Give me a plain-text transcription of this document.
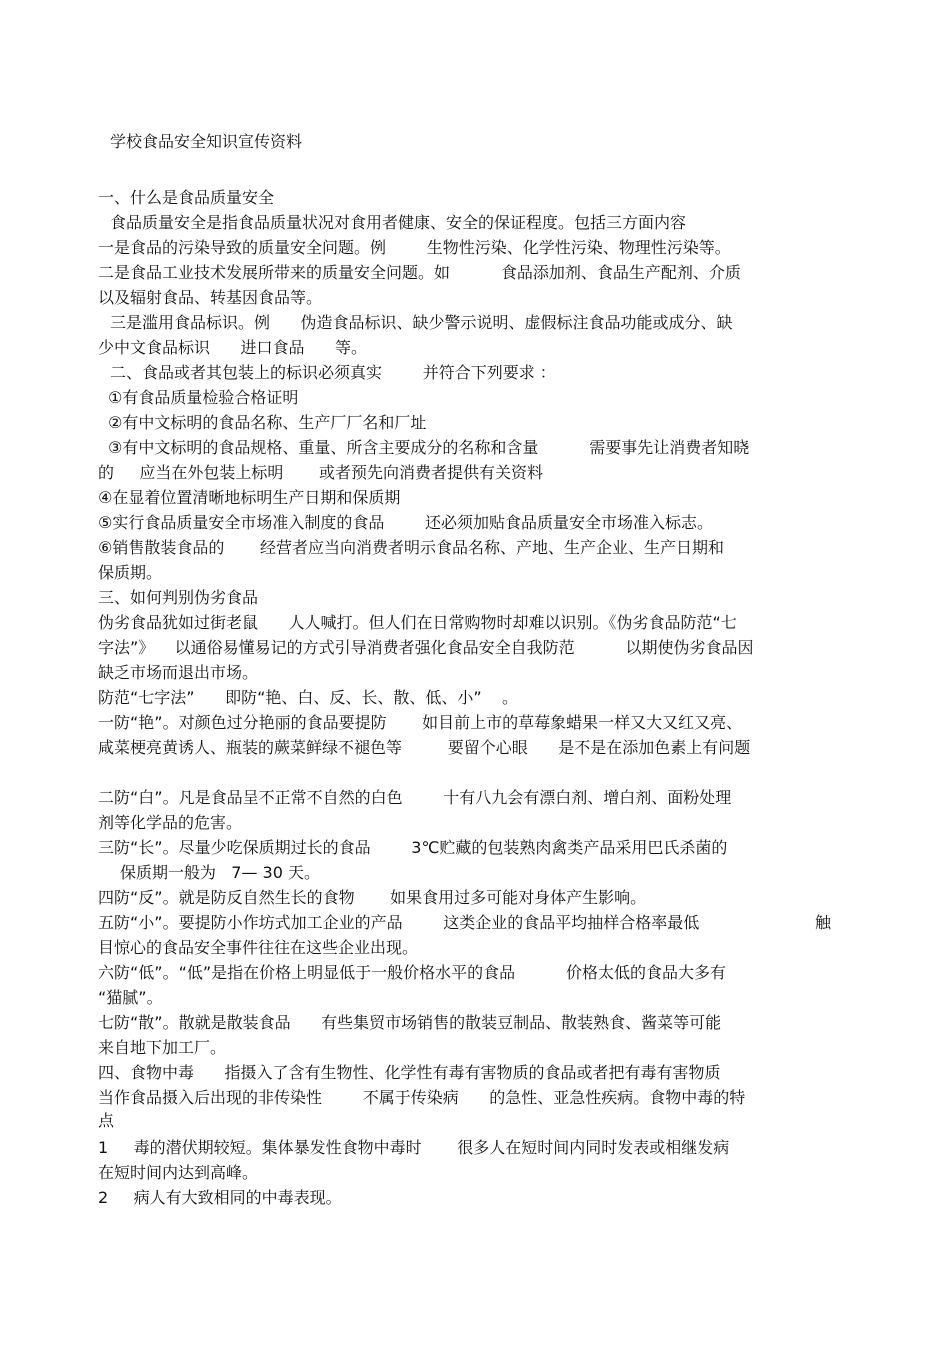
学校食品安全知识宣传资料
一、什么是食品质量安全
食品质量安全是指食品质量状况对食用者健康、安全的保证程度。包括三方面内容
一是食品的污染导致的质量安全问题。例        生物性污染、化学性污染、物理性污染等。
二是食品工业技术发展所带来的质量安全问题。如          食品添加剂、食品生产配剂、介质
以及辐射食品、转基因食品等。
三是滥用食品标识。例      伪造食品标识、缺少警示说明、虚假标注食品功能或成分、缺
少中文食品标识      进口食品      等。
二、食品或者其包装上的标识必须真实        并符合下列要求 ：
①有食品质量检验合格证明
②有中文标明的食品名称、生产厂厂名和厂址
③有中文标明的食品规格、重量、所含主要成分的名称和含量          需要事先让消费者知晓
的     应当在外包装上标明       或者预先向消费者提供有关资料
④在显着位置清晰地标明生产日期和保质期
⑤实行食品质量安全市场准入制度的食品        还必须加贴食品质量安全市场准入标志。
⑥销售散装食品的       经营者应当向消费者明示食品名称、产地、生产企业、生产日期和
保质期。
三、如何判别伪劣食品
伪劣食品犹如过街老鼠      人人喊打。但人们在日常购物时却难以识别。《伪劣食品防范“七
字法”》    以通俗易懂易记的方式引导消费者强化食品安全自我防范          以期使伪劣食品因
缺乏市场而退出市场。
防范“七字法”      即防“艳、白、反、长、散、低、小”    。
一防“艳”。对颜色过分艳丽的食品要提防       如目前上市的草莓象蜡果一样又大又红又亮、
咸菜梗亮黄诱人、瓶装的蕨菜鲜绿不褪色等         要留个心眼      是不是在添加色素上有问题
二防“白”。凡是食品呈不正常不自然的白色        十有八九会有漂白剂、增白剂、面粉处理
剂等化学品的危害。
三防“长”。尽量少吃保质期过长的食品        3℃贮藏的包装熟肉禽类产品采用巴氏杀菌的
保质期一般为   7— 30 天。
四防“反”。就是防反自然生长的食物       如果食用过多可能对身体产生影响。
五防“小”。要提防小作坊式加工企业的产品        这类企业的食品平均抽样合格率最低	触
目惊心的食品安全事件往往在这些企业出现。
六防“低”。“低”是指在价格上明显低于一般价格水平的食品          价格太低的食品大多有
“猫腻”。
七防“散”。散就是散装食品      有些集贸市场销售的散装豆制品、散装熟食、酱菜等可能
来自地下加工厂。
四、食物中毒      指摄入了含有生物性、化学性有毒有害物质的食品或者把有毒有害物质
当作食品摄入后出现的非传染性        不属于传染病      的急性、亚急性疾病。食物中毒的特
点
1     毒的潜伏期较短。集体暴发性食物中毒时       很多人在短时间内同时发表或相继发病
在短时间内达到高峰。
2     病人有大致相同的中毒表现。
